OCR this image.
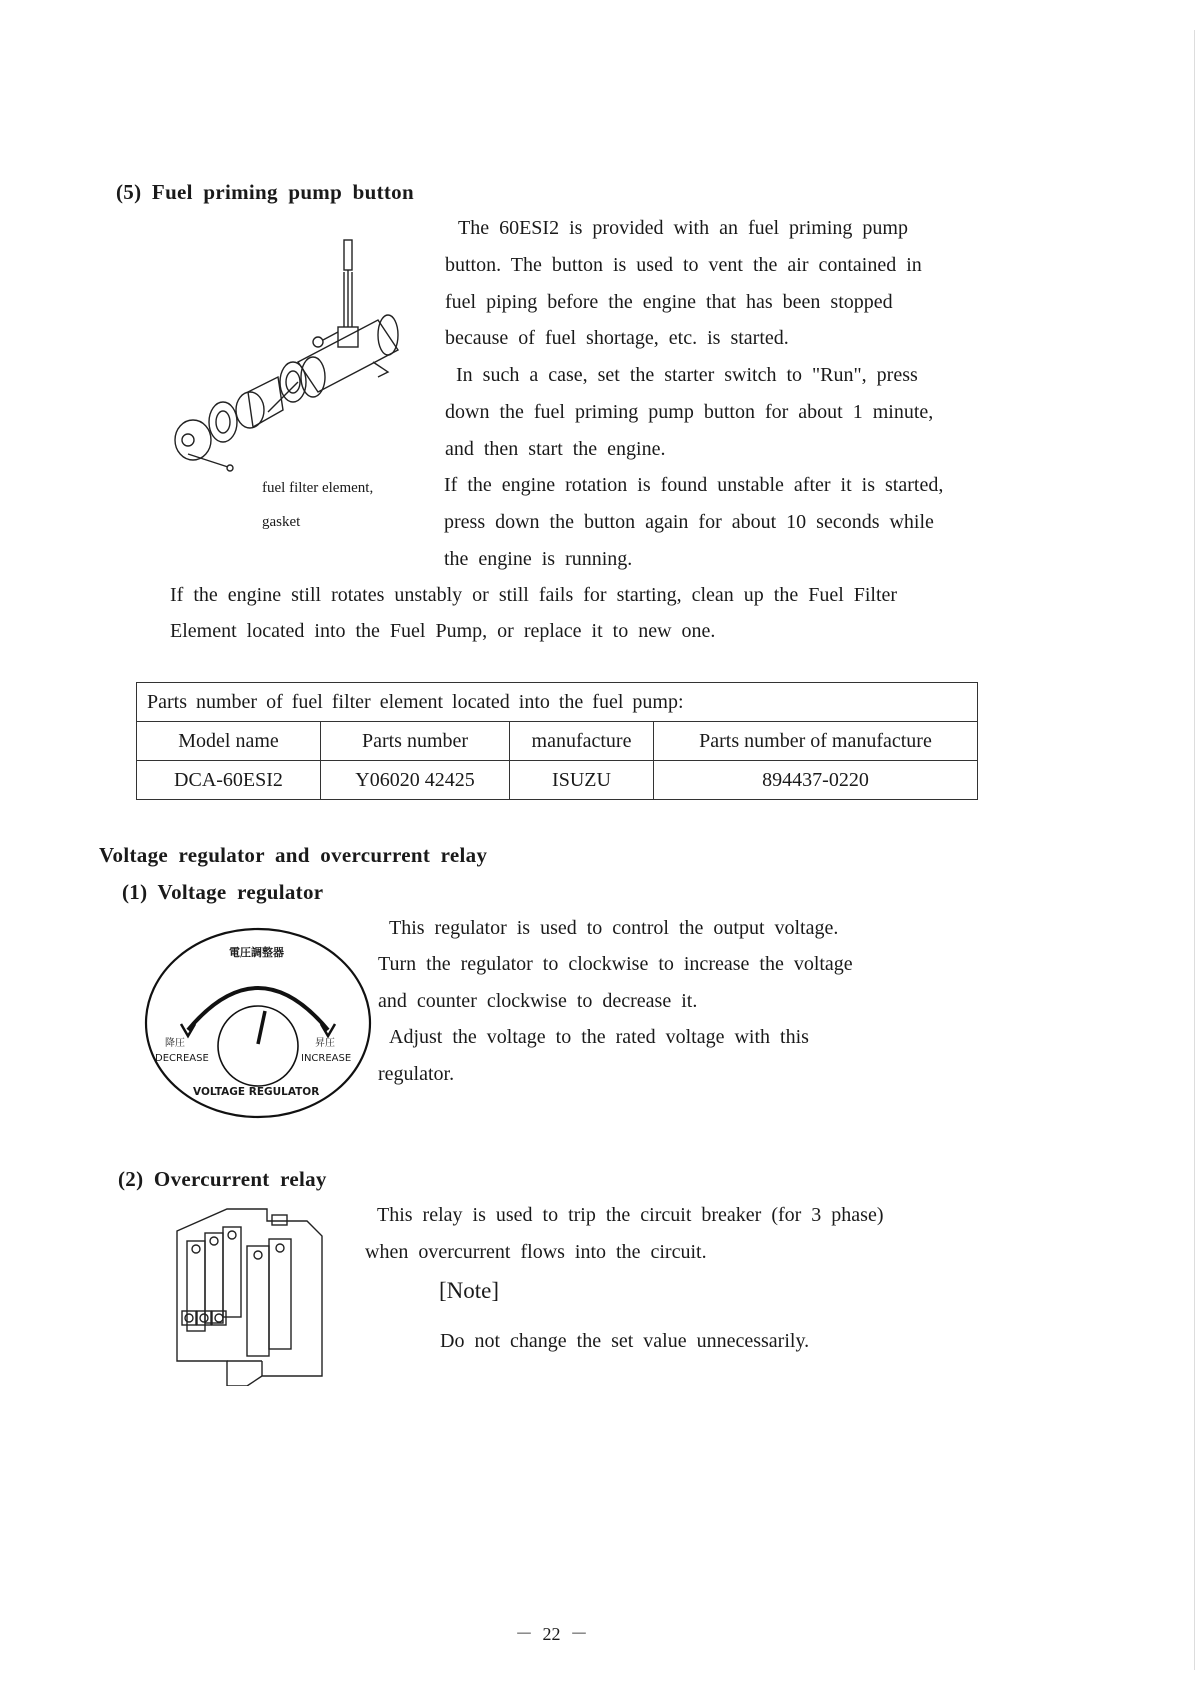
(5) Fuel priming pump button
fuel filter element,
gasket
The 60ESI2 is provided with an fuel priming pump
button. The button is used to vent the air contained in
fuel piping before the engine that has been stopped
because of fuel shortage, etc. is started.
In such a case, set the starter switch to "Run", press
down the fuel priming pump button for about 1 minute,
and then start the engine.
If the engine rotation is found unstable after it is started,
press down the button again for about 10 seconds while
the engine is running.
If the engine still rotates unstably or still fails for starting, clean up the Fuel Filter
Element located into the Fuel Pump, or replace it to new one.
Parts number of fuel filter element located into the fuel pump:			
Model name	Parts number	manufacture	Parts number of manufacture
DCA-60ESI2	Y06020 42425	ISUZU	894437-0220
Voltage regulator and overcurrent relay
(1) Voltage regulator
電圧調整器
降圧
DECREASE
昇圧
INCREASE
VOLTAGE REGULATOR
This regulator is used to control the output voltage.
Turn the regulator to clockwise to increase the voltage
and counter clockwise to decrease it.
Adjust the voltage to the rated voltage with this
regulator.
(2) Overcurrent relay
This relay is used to trip the circuit breaker (for 3 phase)
when overcurrent flows into the circuit.
[Note]
Do not change the set value unnecessarily.
－ 22 －
